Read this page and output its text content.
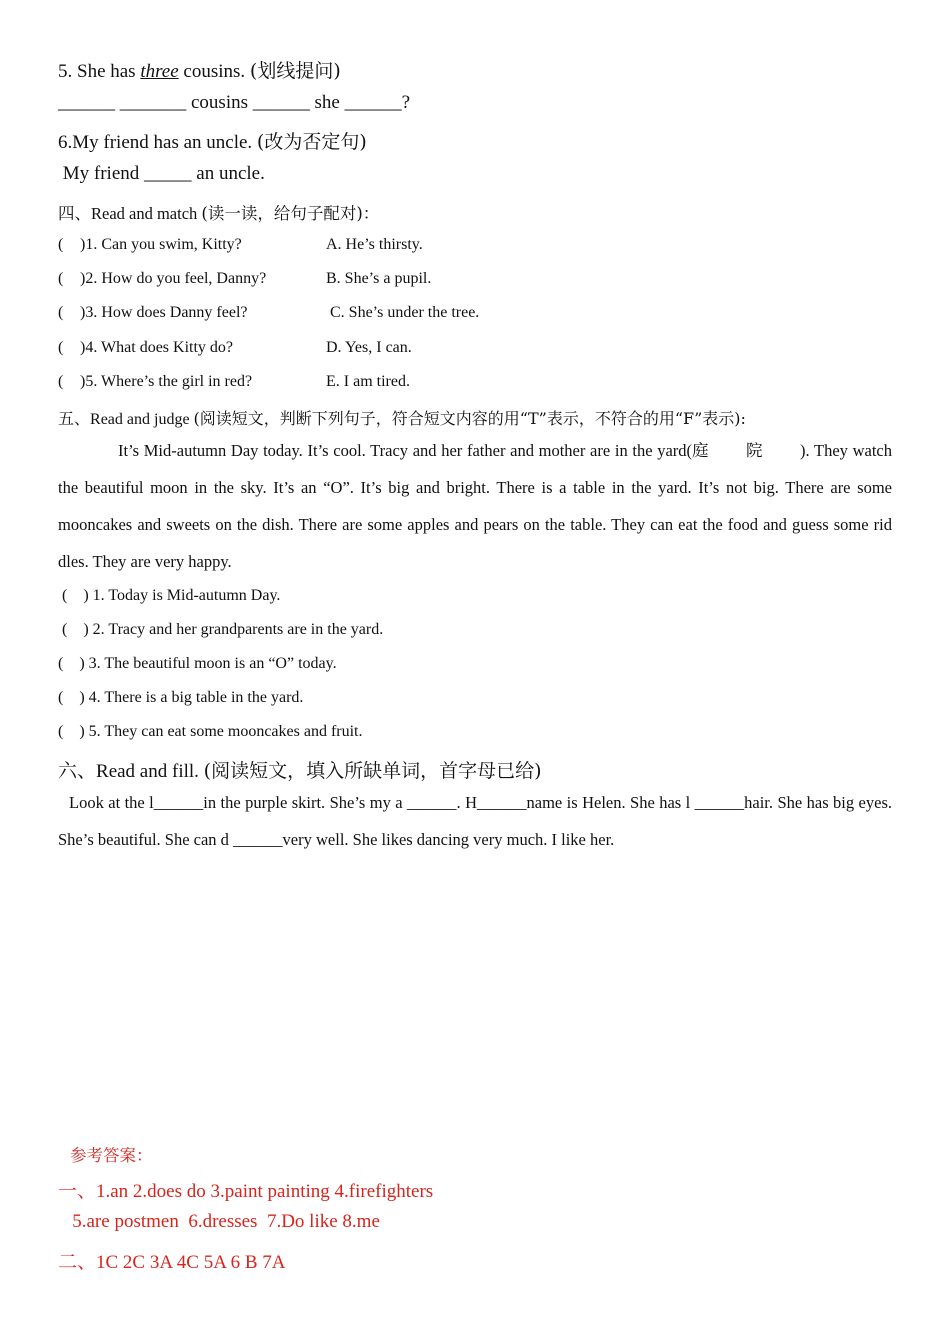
5. She has three cousins. (划线提问)
______ _______ cousins ______ she ______?
6.My friend has an uncle. (改为否定句)
My friend _____ an uncle.
四、Read and match (读一读，给句子配对)：
( )1. Can you swim, Kitty?	A. He’s thirsty.
( )2. How do you feel, Danny?	B. She’s a pupil.
( )3. How does Danny feel?	C. She’s under the tree.
( )4. What does Kitty do?	D. Yes, I can.
( )5. Where’s the girl in red?	E. I am tired.
五、Read and judge (阅读短文，判断下列句子，符合短文内容的用“T”表示，不符合的用“F”表示):
It’s Mid-autumn Day today. It’s cool. Tracy and her father and mother are in the yard(庭 院 ). They watch the beautiful moon in the sky. It’s an “O”. It’s big and bright. There is a table in the yard. It’s not big. There are some mooncakes and sweets on the dish. There are some apples and pears on the table. They can eat the food and guess some rid dles. They are very happy.
(    ) 1. Today is Mid-autumn Day.
(    ) 2. Tracy and her grandparents are in the yard.
(    ) 3. The beautiful moon is an “O” today.
(    ) 4. There is a big table in the yard.
(    ) 5. They can eat some mooncakes and fruit.
六、Read and fill. (阅读短文，填入所缺单词，首字母已给)
Look at the l______in the purple skirt. She’s my a ______. H______name is Helen. She has l ______hair. She has big eyes. She’s beautiful. She can d ______very well. She likes dancing very much. I like her.
参考答案：
一、1.an 2.does do 3.paint painting 4.firefighters
5.are postmen  6.dresses  7.Do like 8.me
二、1C 2C 3A 4C 5A 6 B 7A
